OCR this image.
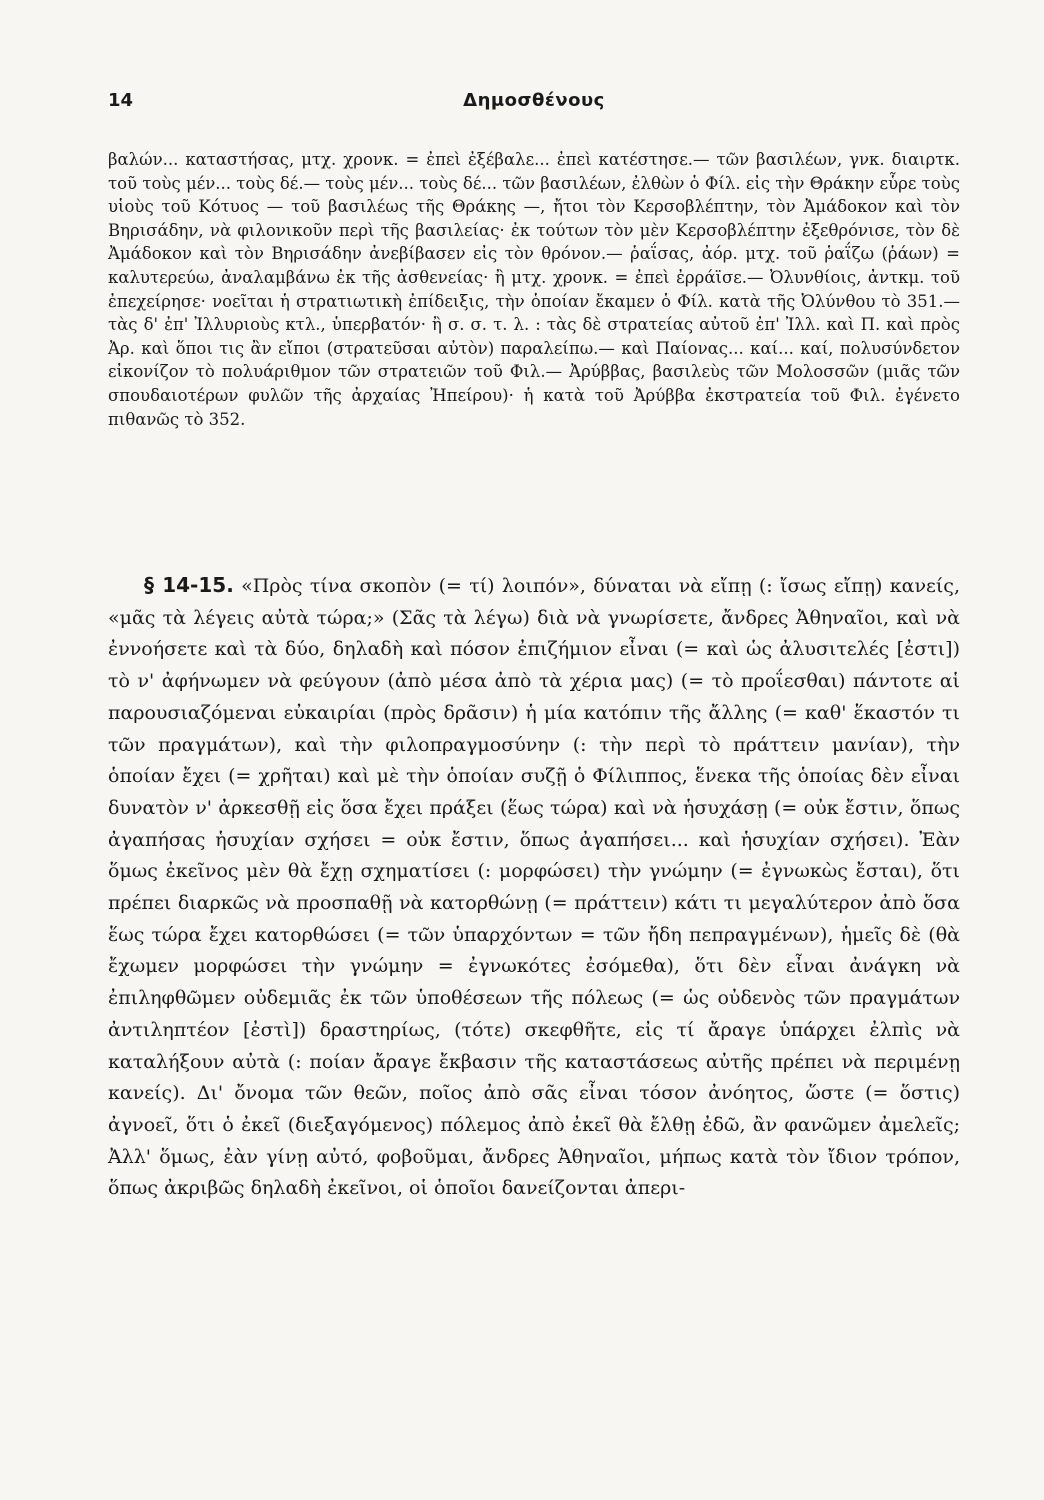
14	Δημοσθένους

βαλών... καταστήσας, μτχ. χρονκ. = ἐπεὶ ἐξέβαλε... ἐπεὶ κατέστησε.— τῶν βασιλέων, γνκ. διαιρτκ. τοῦ τοὺς μέν... τοὺς δέ.— τοὺς μέν... τοὺς δέ... τῶν βασιλέων, ἐλθὼν ὁ Φίλ. εἰς τὴν Θράκην εὗρε τοὺς υἱοὺς τοῦ Κότυος — τοῦ βασιλέως τῆς Θράκης —, ἤτοι τὸν Κερσοβλέπτην, τὸν Ἀμάδοκον καὶ τὸν Βηρισάδην, νὰ φιλονικοῦν περὶ τῆς βασιλείας· ἐκ τούτων τὸν μὲν Κερσοβλέπτην ἐξεθρόνισε, τὸν δὲ Ἀμάδοκον καὶ τὸν Βηρισάδην ἀνεβίβασεν εἰς τὸν θρόνον.— ῥαΐσας, ἀόρ. μτχ. τοῦ ῥαΐζω (ῥάων) = καλυτερεύω, ἀναλαμβάνω ἐκ τῆς ἀσθενείας· ἢ μτχ. χρονκ. = ἐπεὶ ἐρράϊσε.— Ὀλυνθίοις, ἀντκμ. τοῦ ἐπεχείρησε· νοεῖται ἡ στρατιωτικὴ ἐπίδειξις, τὴν ὁποίαν ἔκαμεν ὁ Φίλ. κατὰ τῆς Ὀλύνθου τὸ 351.— τὰς δ' ἐπ' Ἰλλυριοὺς κτλ., ὑπερβατόν· ἢ σ. σ. τ. λ. : τὰς δὲ στρατείας αὐτοῦ ἐπ' Ἰλλ. καὶ Π. καὶ πρὸς Ἀρ. καὶ ὅποι τις ἂν εἴποι (στρατεῦσαι αὐτὸν) παραλείπω.— καὶ Παίονας... καί... καί, πολυσύνδετον εἰκονίζον τὸ πολυάριθμον τῶν στρατειῶν τοῦ Φιλ.— Ἀρύββας, βασιλεὺς τῶν Μολοσσῶν (μιᾶς τῶν σπουδαιοτέρων φυλῶν τῆς ἀρχαίας Ἠπείρου)· ἡ κατὰ τοῦ Ἀρύββα ἐκστρατεία τοῦ Φιλ. ἐγένετο πιθανῶς τὸ 352.

§ 14-15. «Πρὸς τίνα σκοπὸν (= τί) λοιπόν», δύναται νὰ εἴπῃ (: ἴσως εἴπῃ) κανείς, «μᾶς τὰ λέγεις αὐτὰ τώρα;» (Σᾶς τὰ λέγω) διὰ νὰ γνωρίσετε, ἄνδρες Ἀθηναῖοι, καὶ νὰ ἐννοήσετε καὶ τὰ δύο, δηλαδὴ καὶ πόσον ἐπιζήμιον εἶναι (= καὶ ὡς ἀλυσιτελές [ἐστι]) τὸ ν' ἀφήνωμεν νὰ φεύγουν (ἀπὸ μέσα ἀπὸ τὰ χέρια μας) (= τὸ προΐεσθαι) πάντοτε αἱ παρουσιαζόμεναι εὐκαιρίαι (πρὸς δρᾶσιν) ἡ μία κατόπιν τῆς ἄλλης (= καθ' ἕκαστόν τι τῶν πραγμάτων), καὶ τὴν φιλοπραγμοσύνην (: τὴν περὶ τὸ πράττειν μανίαν), τὴν ὁποίαν ἔχει (= χρῆται) καὶ μὲ τὴν ὁποίαν συζῇ ὁ Φίλιππος, ἕνεκα τῆς ὁποίας δὲν εἶναι δυνατὸν ν' ἀρκεσθῇ εἰς ὅσα ἔχει πράξει (ἕως τώρα) καὶ νὰ ἡσυχάσῃ (= οὐκ ἔστιν, ὅπως ἀγαπήσας ἡσυχίαν σχήσει = οὐκ ἔστιν, ὅπως ἀγαπήσει... καὶ ἡσυχίαν σχήσει). Ἐὰν ὅμως ἐκεῖνος μὲν θὰ ἔχῃ σχηματίσει (: μορφώσει) τὴν γνώμην (= ἐγνωκὼς ἔσται), ὅτι πρέπει διαρκῶς νὰ προσπαθῇ νὰ κατορθώνῃ (= πράττειν) κάτι τι μεγαλύτερον ἀπὸ ὅσα ἕως τώρα ἔχει κατορθώσει (= τῶν ὑπαρχόντων = τῶν ἤδη πεπραγμένων), ἡμεῖς δὲ (θὰ ἔχωμεν μορφώσει τὴν γνώμην = ἐγνωκότες ἐσόμεθα), ὅτι δὲν εἶναι ἀνάγκη νὰ ἐπιληφθῶμεν οὐδεμιᾶς ἐκ τῶν ὑποθέσεων τῆς πόλεως (= ὡς οὐδενὸς τῶν πραγμάτων ἀντιληπτέον [ἐστὶ]) δραστηρίως, (τότε) σκεφθῆτε, εἰς τί ἄραγε ὑπάρχει ἐλπὶς νὰ καταλήξουν αὐτὰ (: ποίαν ἄραγε ἔκβασιν τῆς καταστάσεως αὐτῆς πρέπει νὰ περιμένῃ κανείς). Δι' ὄνομα τῶν θεῶν, ποῖος ἀπὸ σᾶς εἶναι τόσον ἀνόητος, ὥστε (= ὅστις) ἀγνοεῖ, ὅτι ὁ ἐκεῖ (διεξαγόμενος) πόλεμος ἀπὸ ἐκεῖ θὰ ἔλθῃ ἐδῶ, ἂν φανῶμεν ἀμελεῖς; Ἀλλ' ὅμως, ἐὰν γίνῃ αὐτό, φοβοῦμαι, ἄνδρες Ἀθηναῖοι, μήπως κατὰ τὸν ἴδιον τρόπον, ὅπως ἀκριβῶς δηλαδὴ ἐκεῖνοι, οἱ ὁποῖοι δανείζονται ἀπερι-
